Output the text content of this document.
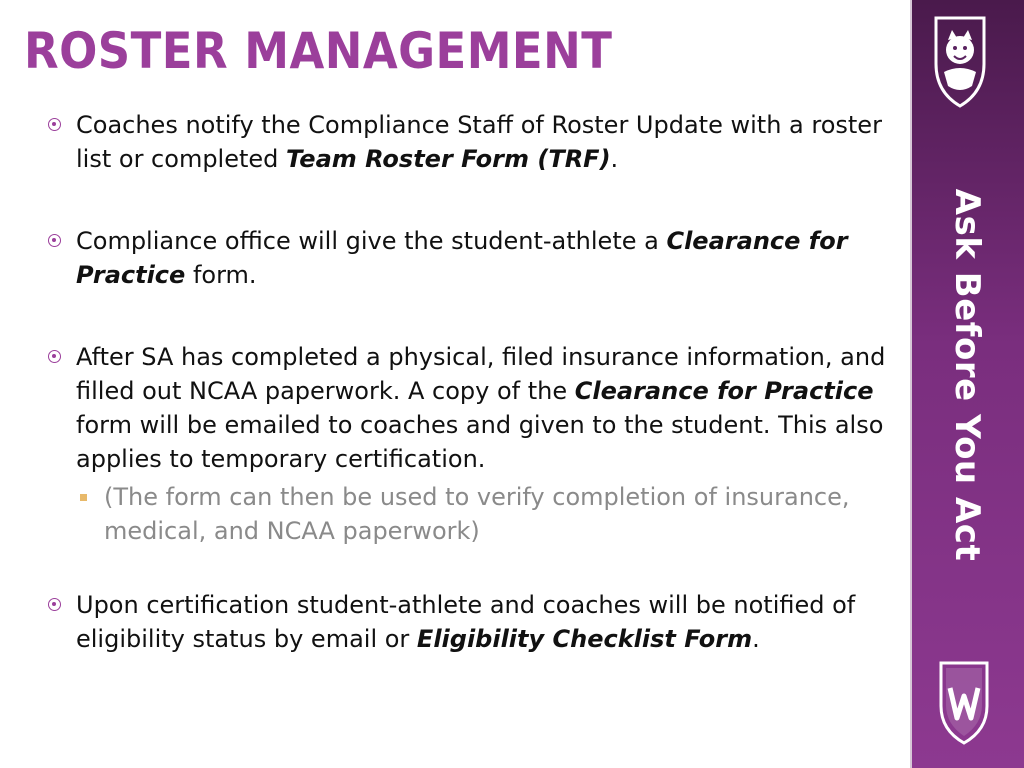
ROSTER MANAGEMENT
Coaches notify the Compliance Staff of Roster Update with a roster list or completed Team Roster Form (TRF).
Compliance office will give the student-athlete a Clearance for Practice form.
After SA has completed a physical, filed insurance information, and filled out NCAA paperwork. A copy of the Clearance for Practice form will be emailed to coaches and given to the student. This also applies to temporary certification.
(The form can then be used to verify completion of insurance, medical, and NCAA paperwork)
Upon certification student-athlete and coaches will be notified of eligibility status by email or Eligibility Checklist Form.
Ask Before You Act
